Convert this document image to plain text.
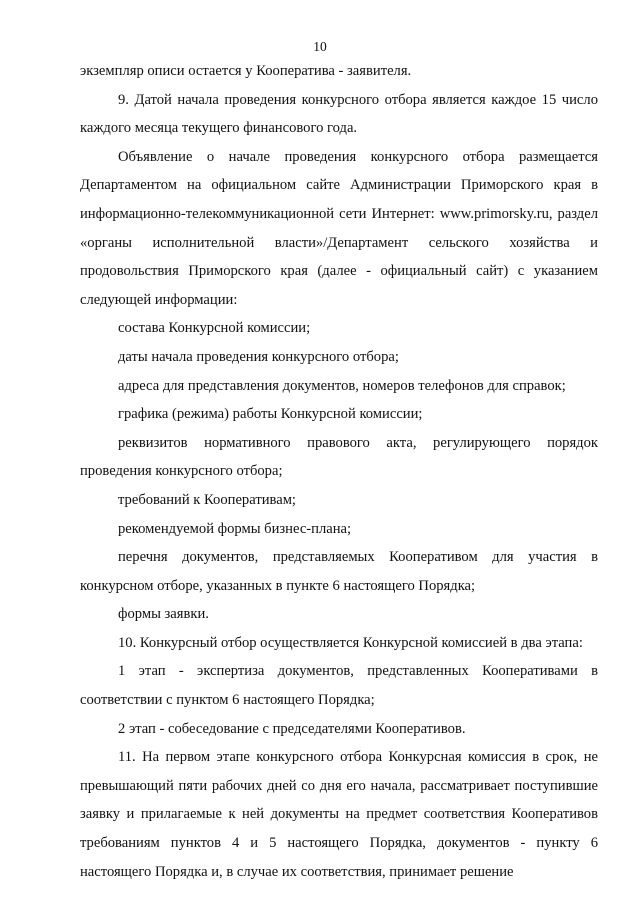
10

экземпляр описи остается у Кооператива - заявителя.

9. Датой начала проведения конкурсного отбора является каждое 15 число каждого месяца текущего финансового года.

Объявление о начале проведения конкурсного отбора размещается Департаментом на официальном сайте Администрации Приморского края в информационно-телекоммуникационной сети Интернет: www.primorsky.ru, раздел «органы исполнительной власти»/Департамент сельского хозяйства и продовольствия Приморского края (далее - официальный сайт) с указанием следующей информации:

состава Конкурсной комиссии;

даты начала проведения конкурсного отбора;

адреса для представления документов, номеров телефонов для справок;

графика (режима) работы Конкурсной комиссии;

реквизитов нормативного правового акта, регулирующего порядок проведения конкурсного отбора;

требований к Кооперативам;

рекомендуемой формы бизнес-плана;

перечня документов, представляемых Кооперативом для участия в конкурсном отборе, указанных в пункте 6 настоящего Порядка;

формы заявки.

10. Конкурсный отбор осуществляется Конкурсной комиссией в два этапа:

1 этап - экспертиза документов, представленных Кооперативами в соответствии с пунктом 6 настоящего Порядка;

2 этап - собеседование с председателями Кооперативов.

11. На первом этапе конкурсного отбора Конкурсная комиссия в срок, не превышающий пяти рабочих дней со дня его начала, рассматривает поступившие заявку и прилагаемые к ней документы на предмет соответствия Кооперативов требованиям пунктов 4 и 5 настоящего Порядка, документов - пункту 6 настоящего Порядка и, в случае их соответствия, принимает решение
